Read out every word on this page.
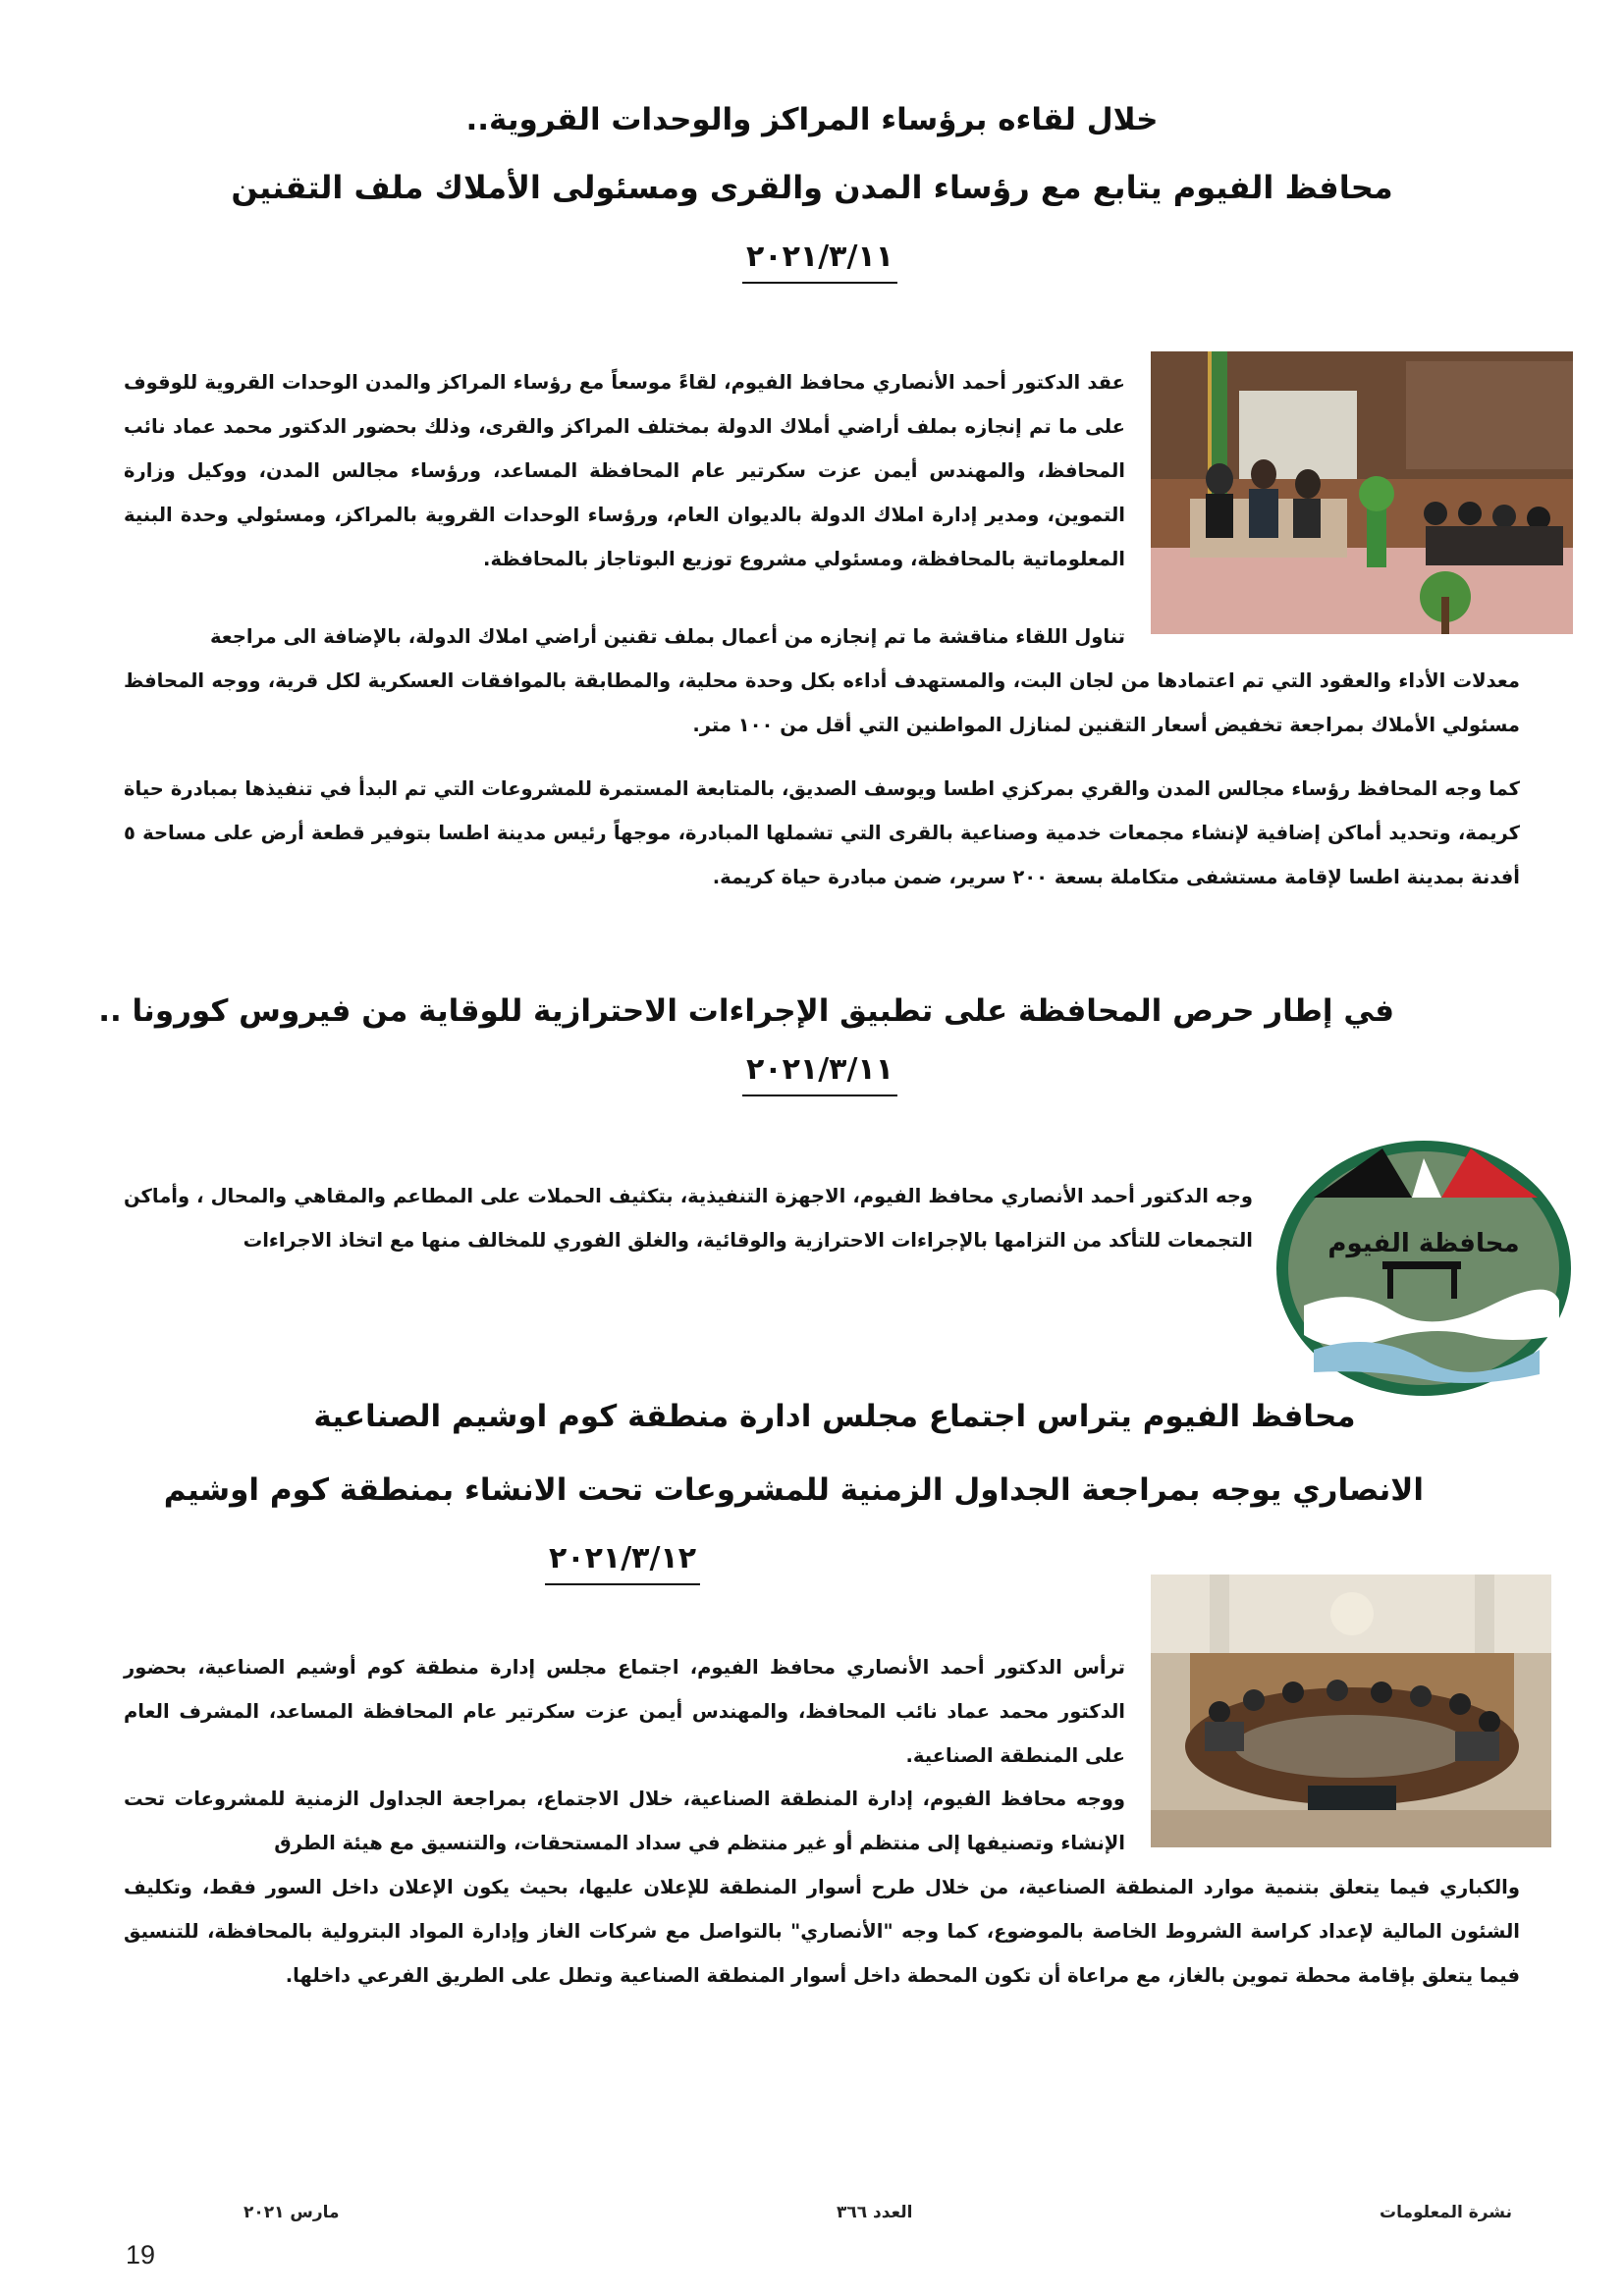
خلال لقاءه برؤساء المراكز والوحدات القروية..
محافظ الفيوم يتابع مع رؤساء المدن والقرى ومسئولى الأملاك ملف التقنين
٢٠٢١/٣/١١

عقد الدكتور أحمد الأنصاري محافظ الفيوم، لقاءً موسعاً مع رؤساء المراكز والمدن الوحدات القروية للوقوف على ما تم إنجازه بملف أراضي أملاك الدولة بمختلف المراكز والقرى، وذلك بحضور الدكتور محمد عماد نائب المحافظ، والمهندس أيمن عزت سكرتير عام المحافظة المساعد، ورؤساء مجالس المدن، ووكيل وزارة التموين، ومدير إدارة املاك الدولة بالديوان العام، ورؤساء الوحدات القروية بالمراكز، ومسئولي وحدة البنية المعلوماتية بالمحافظة، ومسئولي مشروع توزيع البوتاجاز بالمحافظة.

تناول اللقاء مناقشة ما تم إنجازه من أعمال بملف تقنين أراضي املاك الدولة، بالإضافة الى مراجعة

معدلات الأداء والعقود التي تم اعتمادها من لجان البت، والمستهدف أداءه بكل وحدة محلية، والمطابقة بالموافقات العسكرية لكل قرية، ووجه المحافظ مسئولي الأملاك بمراجعة تخفيض أسعار التقنين لمنازل المواطنين التي أقل من ١٠٠ متر.

كما وجه المحافظ رؤساء مجالس المدن والقري بمركزي اطسا ويوسف الصديق، بالمتابعة المستمرة للمشروعات التي تم البدأ في تنفيذها بمبادرة حياة كريمة، وتحديد أماكن إضافية لإنشاء مجمعات خدمية وصناعية بالقرى التي تشملها المبادرة، موجهاً رئيس مدينة اطسا بتوفير قطعة أرض على مساحة ٥ أفدنة بمدينة اطسا لإقامة مستشفى متكاملة بسعة ٢٠٠ سرير، ضمن مبادرة حياة كريمة.

في إطار حرص المحافظة على تطبيق الإجراءات الاحترازية للوقاية من فيروس كورونا ..
٢٠٢١/٣/١١
محافظة الفيوم

وجه الدكتور أحمد الأنصاري محافظ الفيوم، الاجهزة التنفيذية، بتكثيف الحملات على المطاعم والمقاهي والمحال ، وأماكن التجمعات للتأكد من التزامها بالإجراءات الاحترازية والوقائية، والغلق الفوري للمخالف منها مع اتخاذ الاجراءات

محافظ الفيوم يتراس اجتماع مجلس ادارة منطقة كوم اوشيم الصناعية
الانصاري يوجه بمراجعة الجداول الزمنية للمشروعات تحت الانشاء بمنطقة كوم اوشيم
٢٠٢١/٣/١٢

ترأس الدكتور أحمد الأنصاري محافظ الفيوم، اجتماع مجلس إدارة منطقة كوم أوشيم الصناعية، بحضور الدكتور محمد عماد نائب المحافظ، والمهندس أيمن عزت سكرتير عام المحافظة المساعد، المشرف العام على المنطقة الصناعية.

ووجه محافظ الفيوم، إدارة المنطقة الصناعية، خلال الاجتماع، بمراجعة الجداول الزمنية للمشروعات تحت الإنشاء وتصنيفها إلى منتظم أو غير منتظم في سداد المستحقات، والتنسيق مع هيئة الطرق

والكباري فيما يتعلق بتنمية موارد المنطقة الصناعية، من خلال طرح أسوار المنطقة للإعلان عليها، بحيث يكون الإعلان داخل السور فقط، وتكليف الشئون المالية لإعداد كراسة الشروط الخاصة بالموضوع، كما وجه "الأنصاري" بالتواصل مع شركات الغاز وإدارة المواد البترولية بالمحافظة، للتنسيق فيما يتعلق بإقامة محطة تموين بالغاز، مع مراعاة أن تكون المحطة داخل أسوار المنطقة الصناعية وتطل على الطريق الفرعي داخلها.

نشرة المعلومات
العدد ٣٦٦
مارس ٢٠٢١
19
